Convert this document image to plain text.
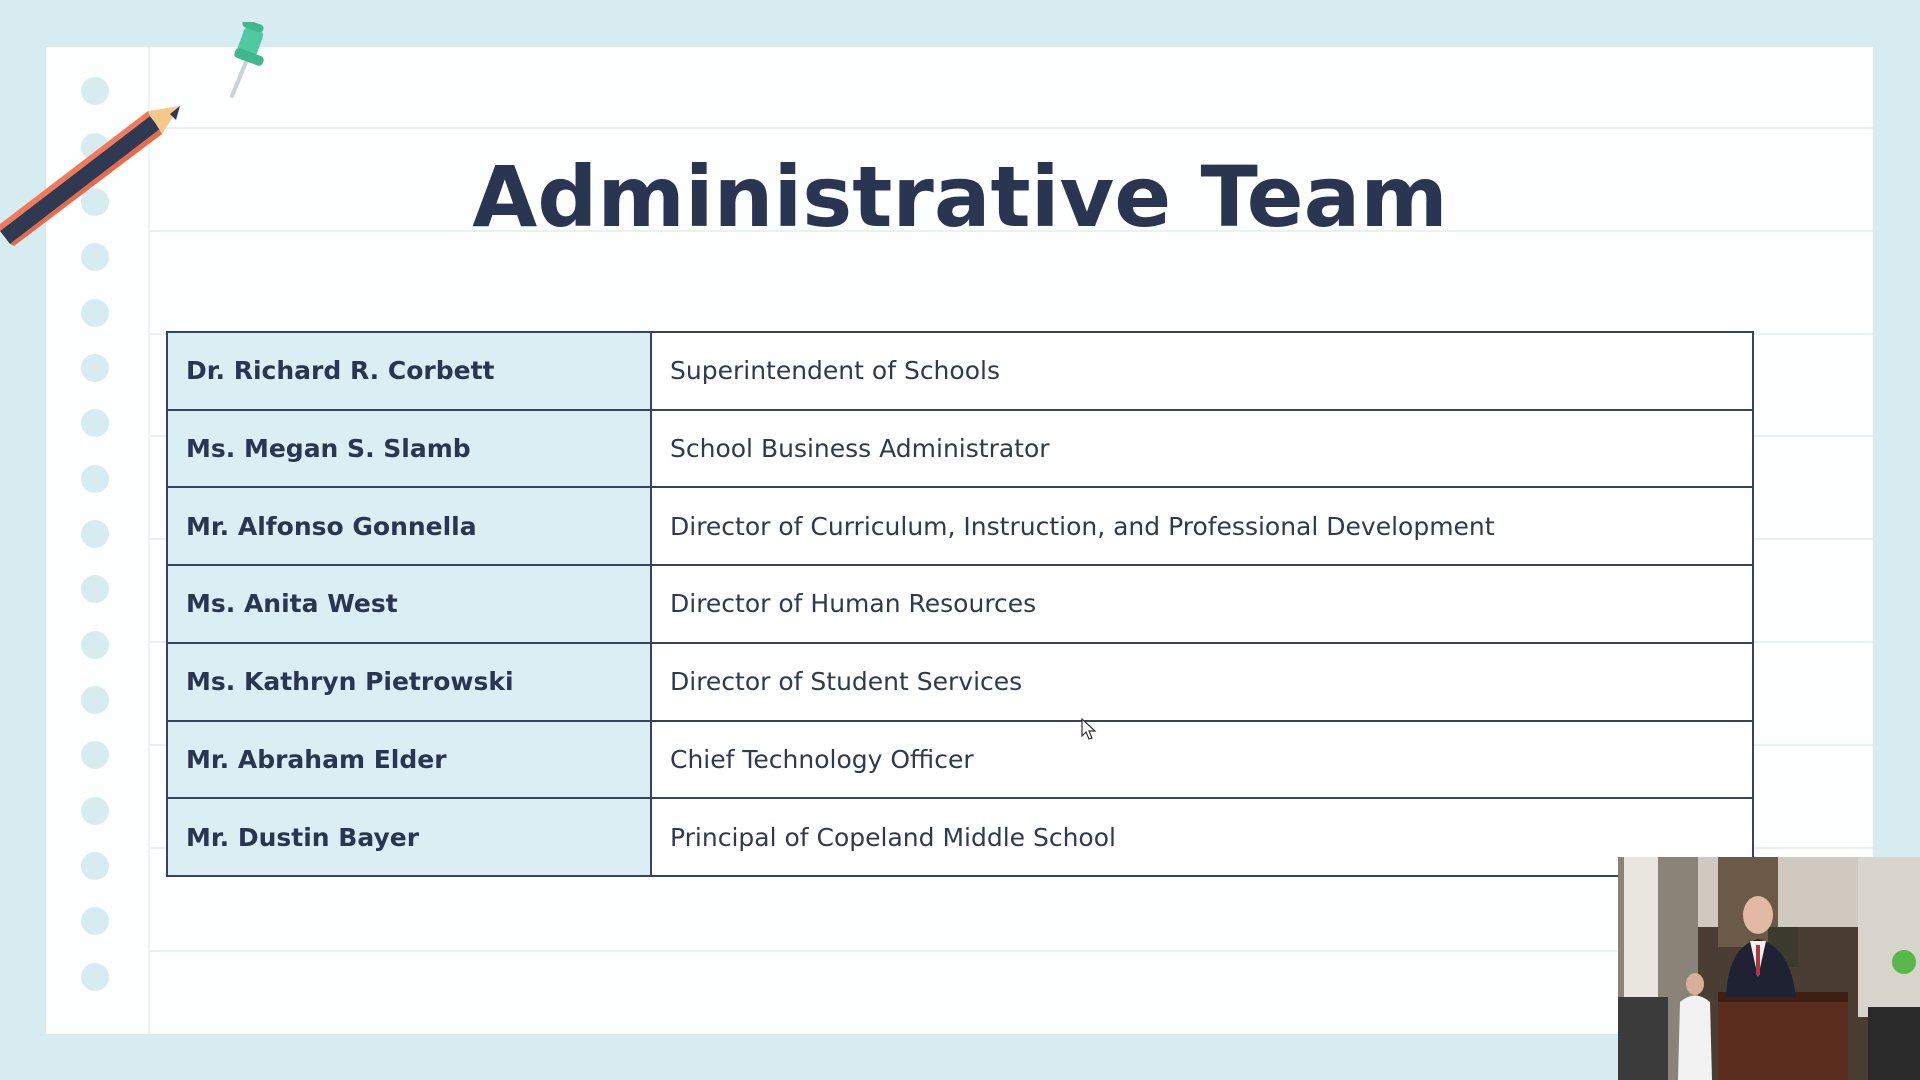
Administrative Team
Dr. Richard R. Corbett	Superintendent of Schools
Ms. Megan S. Slamb	School Business Administrator
Mr. Alfonso Gonnella	Director of Curriculum, Instruction, and Professional Development
Ms. Anita West	Director of Human Resources
Ms. Kathryn Pietrowski	Director of Student Services
Mr. Abraham Elder	Chief Technology Officer
Mr. Dustin Bayer	Principal of Copeland Middle School
